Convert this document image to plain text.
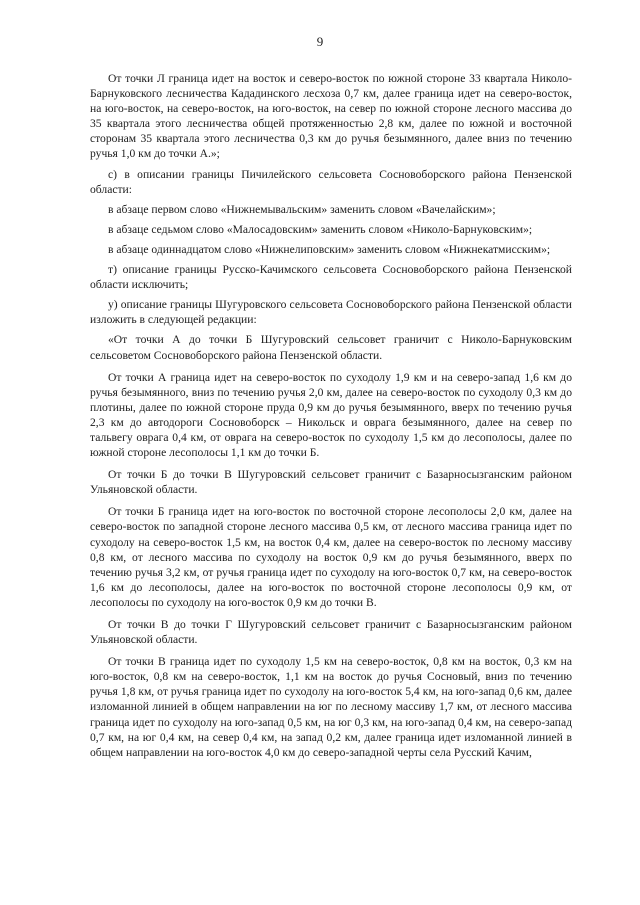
9

От точки Л граница идет на восток и северо-восток по южной стороне 33 квартала Николо-Барнуковского лесничества Кададинского лесхоза 0,7 км, далее граница идет на северо-восток, на юго-восток, на северо-восток, на юго-восток, на север по южной стороне лесного массива до 35 квартала этого лесничества общей протяженностью 2,8 км, далее по южной и восточной сторонам 35 квартала этого лесничества 0,3 км до ручья безымянного, далее вниз по течению ручья 1,0 км до точки А.»;

с) в описании границы Пичилейского сельсовета Сосновоборского района Пензенской области:

в абзаце первом слово «Нижнемывальским» заменить словом «Вачелайским»;

в абзаце седьмом слово «Малосадовским» заменить словом «Николо-Барнуковским»;

в абзаце одиннадцатом слово «Нижнелиповским» заменить словом «Нижнекатмисским»;

т) описание границы Русско-Качимского сельсовета Сосновоборского района Пензенской области исключить;

у) описание границы Шугуровского сельсовета Сосновоборского района Пензенской области изложить в следующей редакции:

«От точки А до точки Б Шугуровский сельсовет граничит с Николо-Барнуковским сельсоветом Сосновоборского района Пензенской области.

От точки А граница идет на северо-восток по суходолу 1,9 км и на северо-запад 1,6 км до ручья безымянного, вниз по течению ручья 2,0 км, далее на северо-восток по суходолу 0,3 км до плотины, далее по южной стороне пруда 0,9 км до ручья безымянного, вверх по течению ручья 2,3 км до автодороги Сосновоборск – Никольск и оврага безымянного, далее на север по тальвегу оврага 0,4 км, от оврага на северо-восток по суходолу 1,5 км до лесополосы, далее по южной стороне лесополосы 1,1 км до точки Б.

От точки Б до точки В Шугуровский сельсовет граничит с Базарносызганским районом Ульяновской области.

От точки Б граница идет на юго-восток по восточной стороне лесополосы 2,0 км, далее на северо-восток по западной стороне лесного массива 0,5 км, от лесного массива граница идет по суходолу на северо-восток 1,5 км, на восток 0,4 км, далее на северо-восток по лесному массиву 0,8 км, от лесного массива по суходолу на восток 0,9 км до ручья безымянного, вверх по течению ручья 3,2 км, от ручья граница идет по суходолу на юго-восток 0,7 км, на северо-восток 1,6 км до лесополосы, далее на юго-восток по восточной стороне лесополосы 0,9 км, от лесополосы по суходолу на юго-восток 0,9 км до точки В.

От точки В до точки Г Шугуровский сельсовет граничит с Базарносызганским районом Ульяновской области.

От точки В граница идет по суходолу 1,5 км на северо-восток, 0,8 км на восток, 0,3 км на юго-восток, 0,8 км на северо-восток, 1,1 км на восток до ручья Сосновый, вниз по течению ручья 1,8 км, от ручья граница идет по суходолу на юго-восток 5,4 км, на юго-запад 0,6 км, далее изломанной линией в общем направлении на юг по лесному массиву 1,7 км, от лесного массива граница идет по суходолу на юго-запад 0,5 км, на юг 0,3 км, на юго-запад 0,4 км, на северо-запад 0,7 км, на юг 0,4 км, на север 0,4 км, на запад 0,2 км, далее граница идет изломанной линией в общем направлении на юго-восток 4,0 км до северо-западной черты села Русский Качим,
